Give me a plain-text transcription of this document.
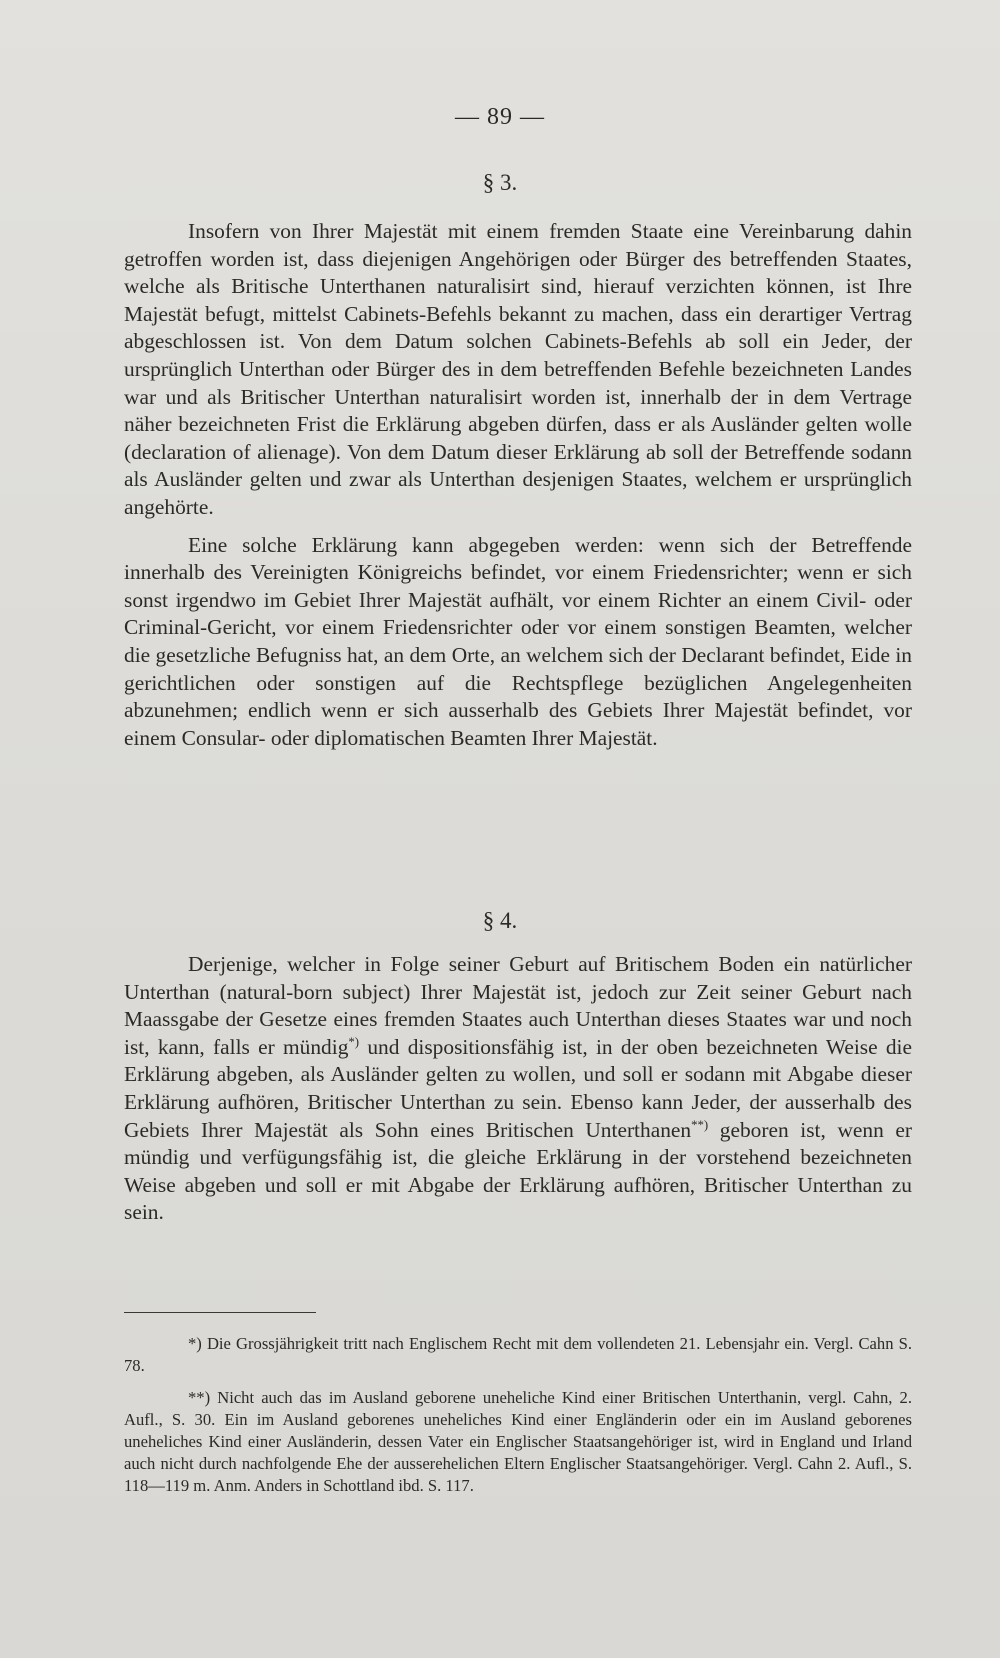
— 89 —
§ 3.

Insofern von Ihrer Majestät mit einem fremden Staate eine Vereinbarung dahin getroffen worden ist, dass diejenigen Angehörigen oder Bürger des betreffenden Staates, welche als Britische Unterthanen naturalisirt sind, hierauf verzichten können, ist Ihre Majestät befugt, mittelst Cabinets-Befehls bekannt zu machen, dass ein derartiger Vertrag abgeschlossen ist. Von dem Datum solchen Cabinets-Befehls ab soll ein Jeder, der ursprünglich Unterthan oder Bürger des in dem betreffenden Befehle bezeichneten Landes war und als Britischer Unterthan naturalisirt worden ist, innerhalb der in dem Vertrage näher bezeichneten Frist die Erklärung abgeben dürfen, dass er als Ausländer gelten wolle (declaration of alienage). Von dem Datum dieser Erklärung ab soll der Betreffende sodann als Ausländer gelten und zwar als Unterthan desjenigen Staates, welchem er ursprünglich angehörte.

Eine solche Erklärung kann abgegeben werden: wenn sich der Betreffende innerhalb des Vereinigten Königreichs befindet, vor einem Friedensrichter; wenn er sich sonst irgendwo im Gebiet Ihrer Majestät aufhält, vor einem Richter an einem Civil- oder Criminal-Gericht, vor einem Friedensrichter oder vor einem sonstigen Beamten, welcher die gesetzliche Befugniss hat, an dem Orte, an welchem sich der Declarant befindet, Eide in gerichtlichen oder sonstigen auf die Rechtspflege bezüglichen Angelegenheiten abzunehmen; endlich wenn er sich ausserhalb des Gebiets Ihrer Majestät befindet, vor einem Consular- oder diplomatischen Beamten Ihrer Majestät.

§ 4.

Derjenige, welcher in Folge seiner Geburt auf Britischem Boden ein natürlicher Unterthan (natural-born subject) Ihrer Majestät ist, jedoch zur Zeit seiner Geburt nach Maassgabe der Gesetze eines fremden Staates auch Unterthan dieses Staates war und noch ist, kann, falls er mündig*) und dispositionsfähig ist, in der oben bezeichneten Weise die Erklärung abgeben, als Ausländer gelten zu wollen, und soll er sodann mit Abgabe dieser Erklärung aufhören, Britischer Unterthan zu sein. Ebenso kann Jeder, der ausserhalb des Gebiets Ihrer Majestät als Sohn eines Britischen Unterthanen**) geboren ist, wenn er mündig und verfügungsfähig ist, die gleiche Erklärung in der vorstehend bezeichneten Weise abgeben und soll er mit Abgabe der Erklärung aufhören, Britischer Unterthan zu sein.

*) Die Grossjährigkeit tritt nach Englischem Recht mit dem vollendeten 21. Lebensjahr ein. Vergl. Cahn S. 78.

**) Nicht auch das im Ausland geborene uneheliche Kind einer Britischen Unterthanin, vergl. Cahn, 2. Aufl., S. 30. Ein im Ausland geborenes uneheliches Kind einer Engländerin oder ein im Ausland geborenes uneheliches Kind einer Ausländerin, dessen Vater ein Englischer Staatsangehöriger ist, wird in England und Irland auch nicht durch nachfolgende Ehe der ausserehelichen Eltern Englischer Staatsangehöriger. Vergl. Cahn 2. Aufl., S. 118—119 m. Anm. Anders in Schottland ibd. S. 117.
